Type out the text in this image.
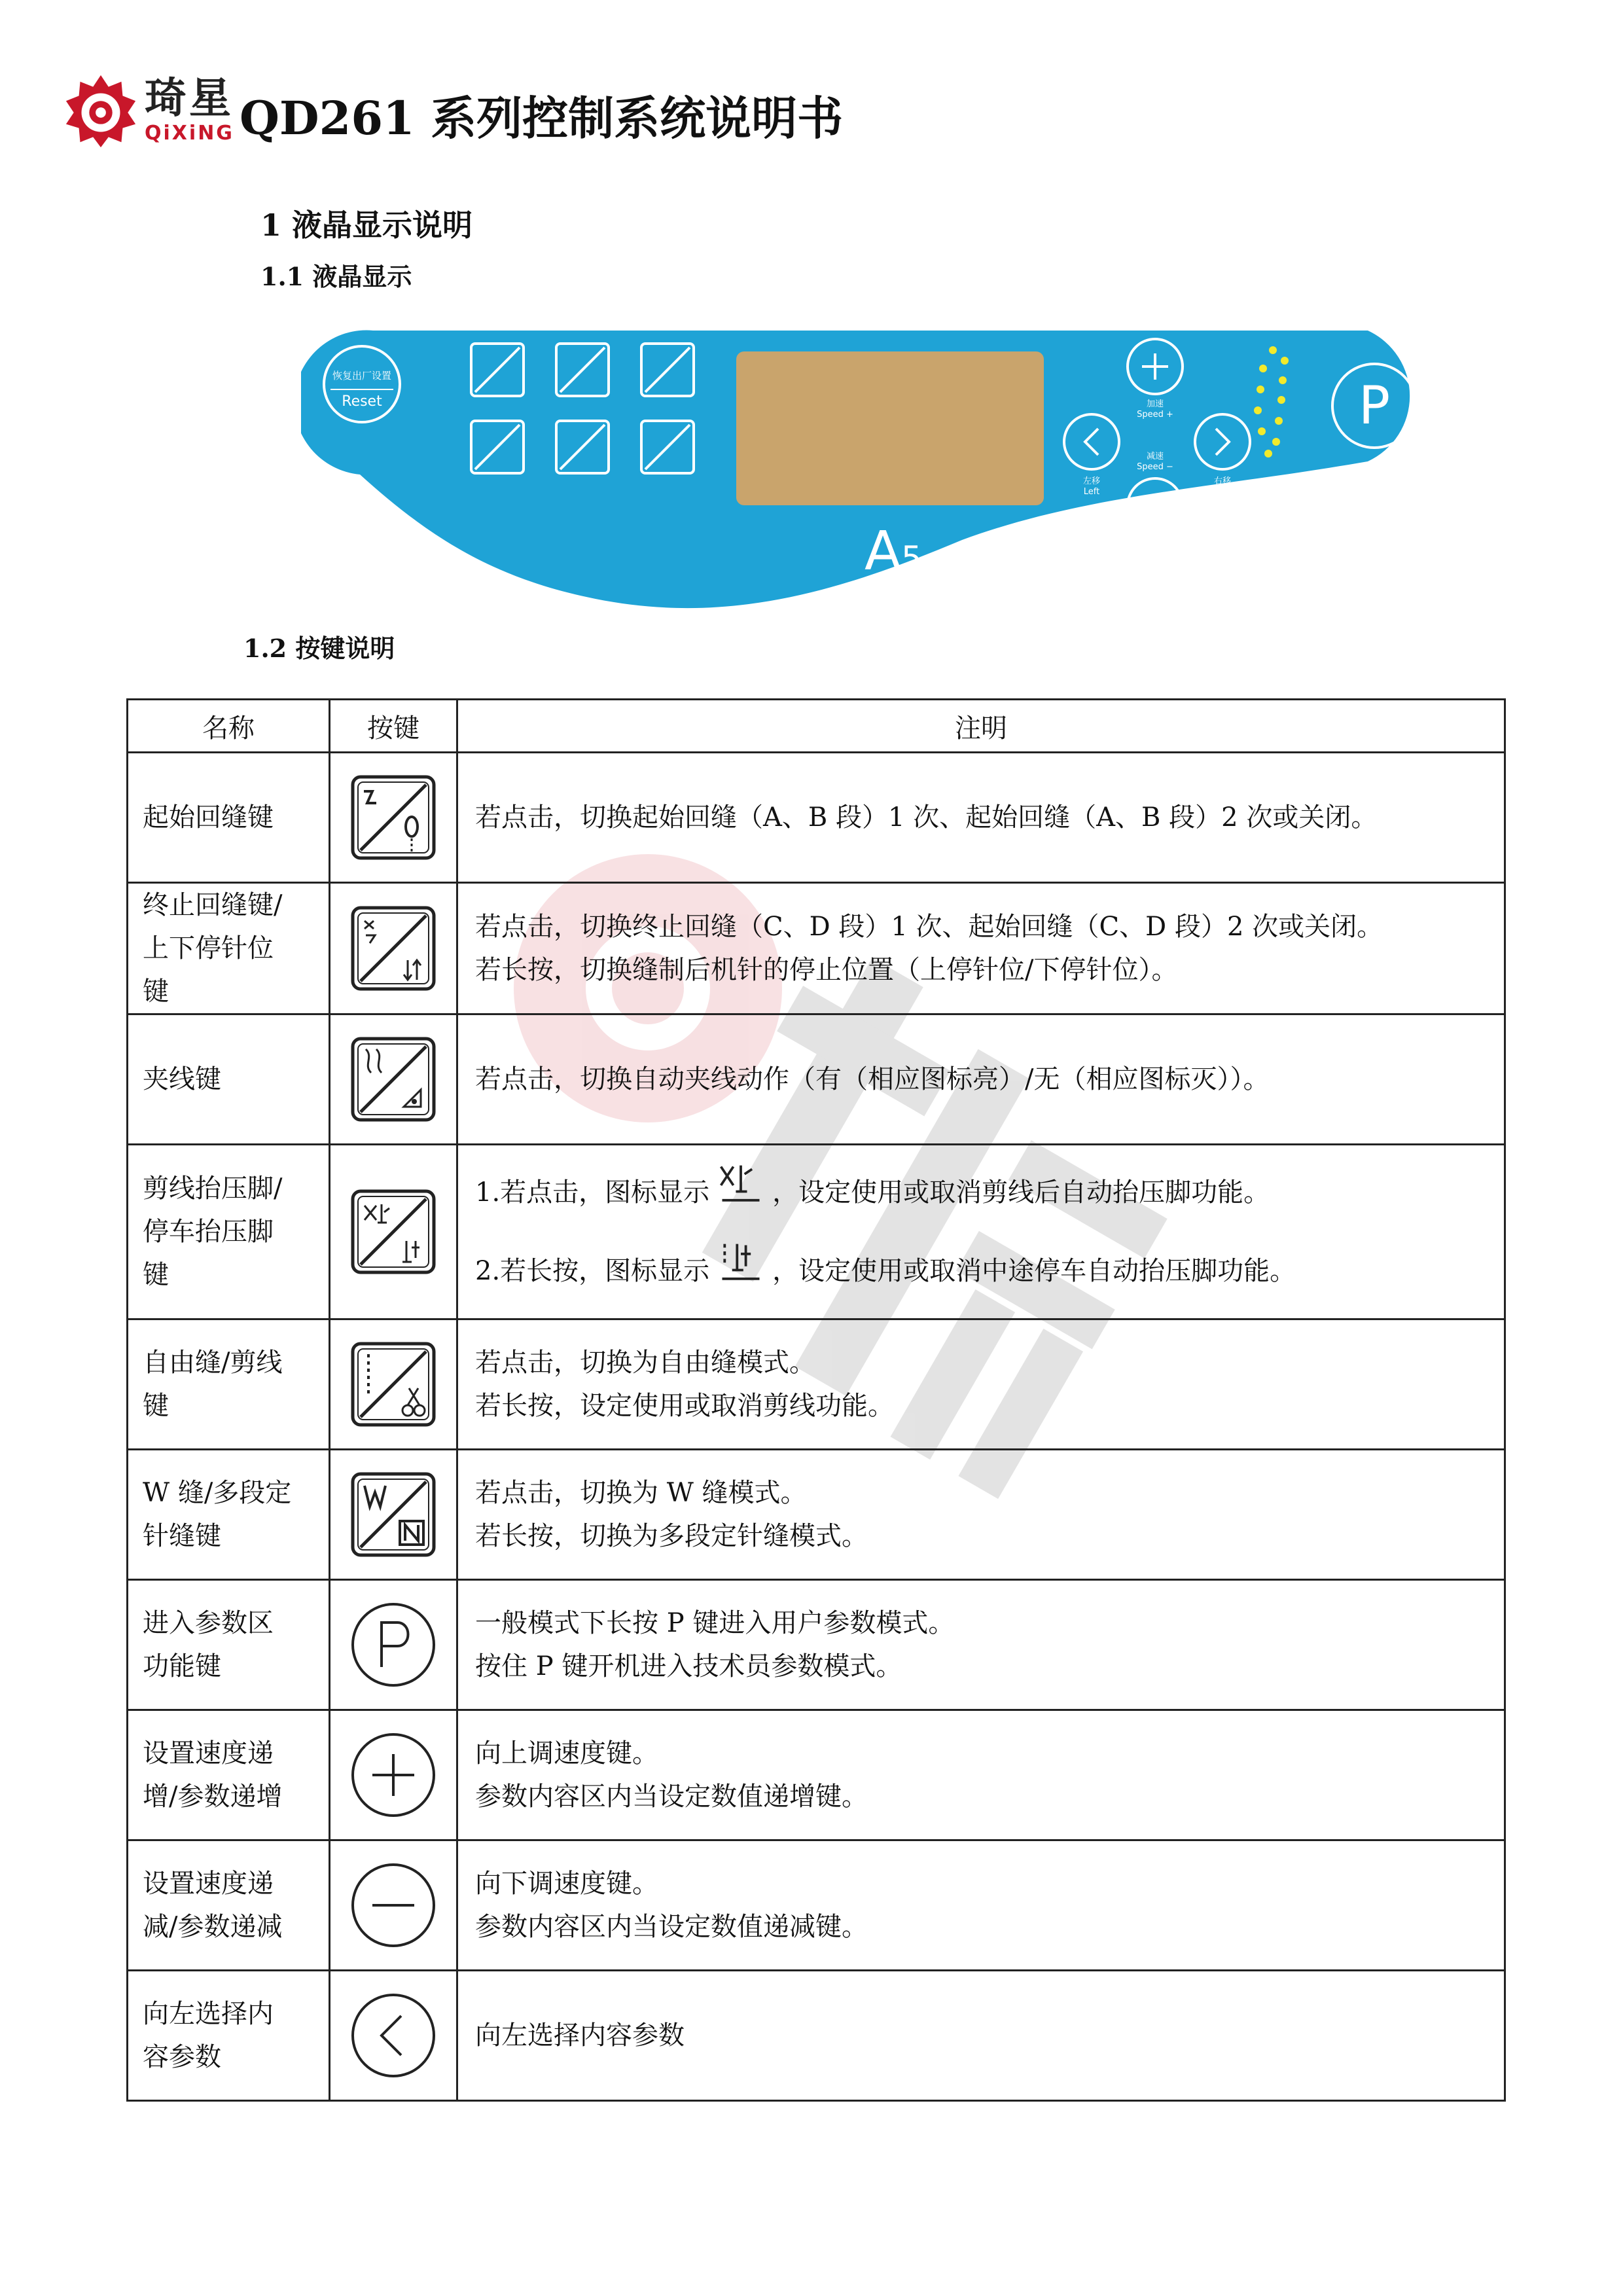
琦星
QiXiNG QD261 系列控制系统说明书
1 液晶显示说明
1.1 液晶显示
恢复出厂设置
Reset
A5
加速
Speed +
减速
Speed −
左移
Left
右移
Right
P
1.2 按键说明
名称	按键	注明

起始回缝键		若点击，切换起始回缝（A、B 段）1 次、起始回缝（A、B 段）2 次或关闭。

终止回缝键/
上下停针位
键		若点击，切换终止回缝（C、D 段）1 次、起始回缝（C、D 段）2 次或关闭。
若长按，切换缝制后机针的停止位置（上停针位/下停针位）。

夹线键		若点击，切换自动夹线动作（有（相应图标亮）/无（相应图标灭））。

剪线抬压脚/
停车抬压脚
键		1.若点击，图标显示 ，设定使用或取消剪线后自动抬压脚功能。
2.若长按，图标显示 ，设定使用或取消中途停车自动抬压脚功能。

自由缝/剪线
键		若点击，切换为自由缝模式。
若长按，设定使用或取消剪线功能。

W 缝/多段定
针缝键		若点击，切换为 W 缝模式。
若长按，切换为多段定针缝模式。

进入参数区
功能键		一般模式下长按 P 键进入用户参数模式。
按住 P 键开机进入技术员参数模式。

设置速度递
增/参数递增		向上调速度键。
参数内容区内当设定数值递增键。

设置速度递
减/参数递减		向下调速度键。
参数内容区内当设定数值递减键。

向左选择内
容参数		向左选择内容参数
